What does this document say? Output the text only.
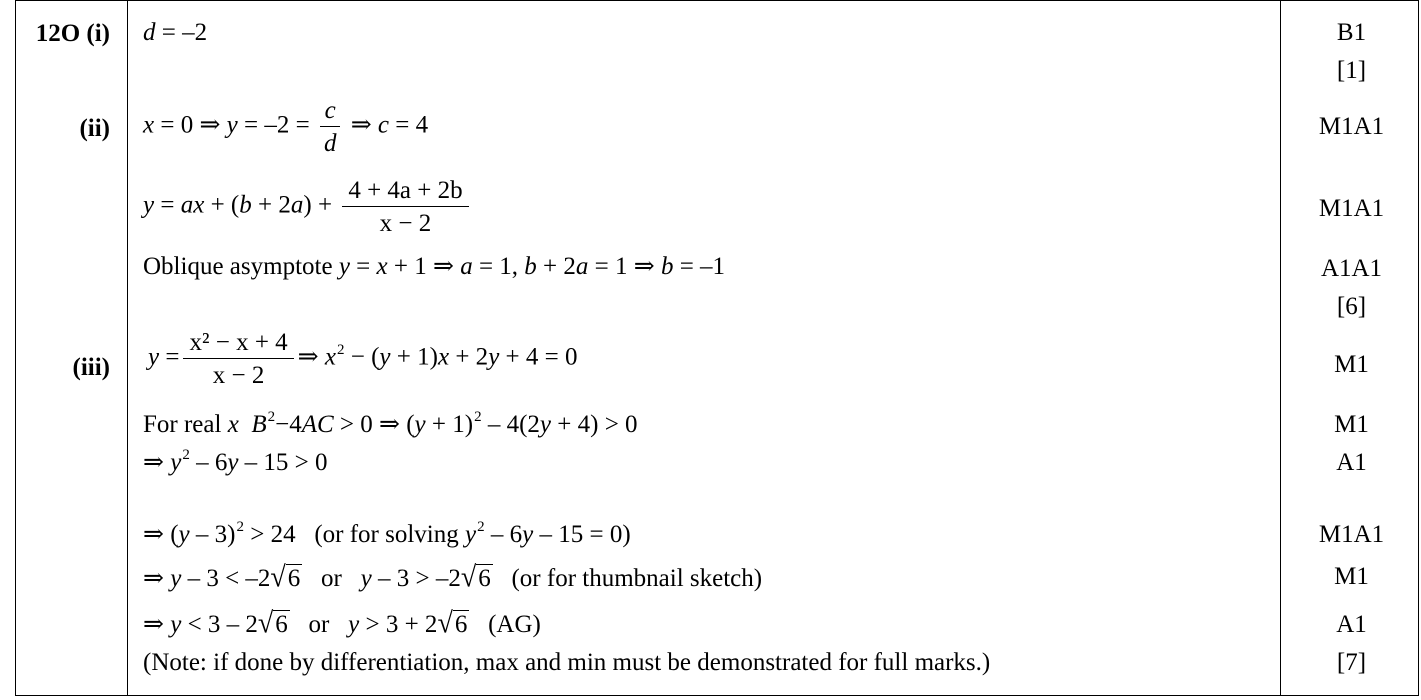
12O (i)
(ii)
(iii)
d = –2
x = 0 ⇒ $y = -2 = \frac{c}{d}$ ⇒ c = 4
y = ax + $(b + 2a) + \frac{4 + 4a + 2b}{x - 2}$
Oblique asymptote y = x + 1 ⇒ a = 1, b + 2a = 1 ⇒ b = –1
$y = \frac{\text{x² − x + 4}}{x - 2}$ ⇒ $x^2 - (y + 1)x + 2y + 4 = 0$
For real x $B^2-4AC > 0$ ⇒ $(y + 1)^2 - 4(2y + 4) > 0$
⇒ $y^2 - 6y - 15 > 0$
⇒ (y – 3)$^2$ > 24   (or for solving $y^2 - 6y - 15 = 0$)
⇒ y – 3 < –2√6 or y – 3 > –2√6 (or for thumbnail sketch)
⇒ y < 3 – 2√6 or y > 3 + 2√6 (AG)
(Note: if done by differentiation, max and min must be demonstrated for full marks.)
B1
[1]
M1A1
M1A1
A1A1
[6]
M1
M1
A1
M1A1
M1
A1
[7]
